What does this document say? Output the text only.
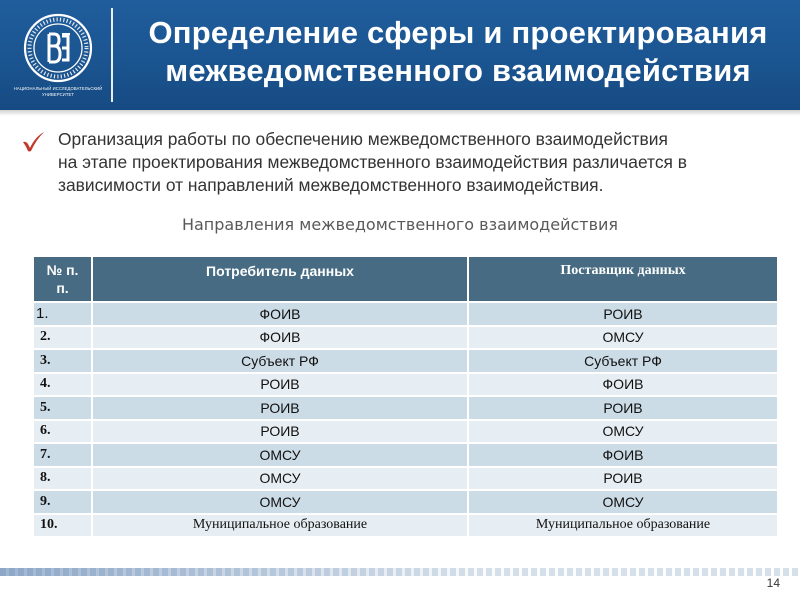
НАЦИОНАЛЬНЫЙ ИССЛЕДОВАТЕЛЬСКИЙ
УНИВЕРСИТЕТ
Определение сферы и проектирования
межведомственного взаимодействия
Организация работы по обеспечению межведомственного взаимодействия
на этапе проектирования межведомственного взаимодействия различается в
зависимости от направлений межведомственного взаимодействия.
Направления межведомственного взаимодействия
№ п.
п.	Потребитель данных	Поставщик данных

1.	ФОИВ	РОИВ
2.	ФОИВ	ОМСУ
3.	Субъект РФ	Субъект РФ
4.	РОИВ	ФОИВ
5.	РОИВ	РОИВ
6.	РОИВ	ОМСУ
7.	ОМСУ	ФОИВ
8.	ОМСУ	РОИВ
9.	ОМСУ	ОМСУ
10.	Муниципальное образование	Муниципальное образование
14
